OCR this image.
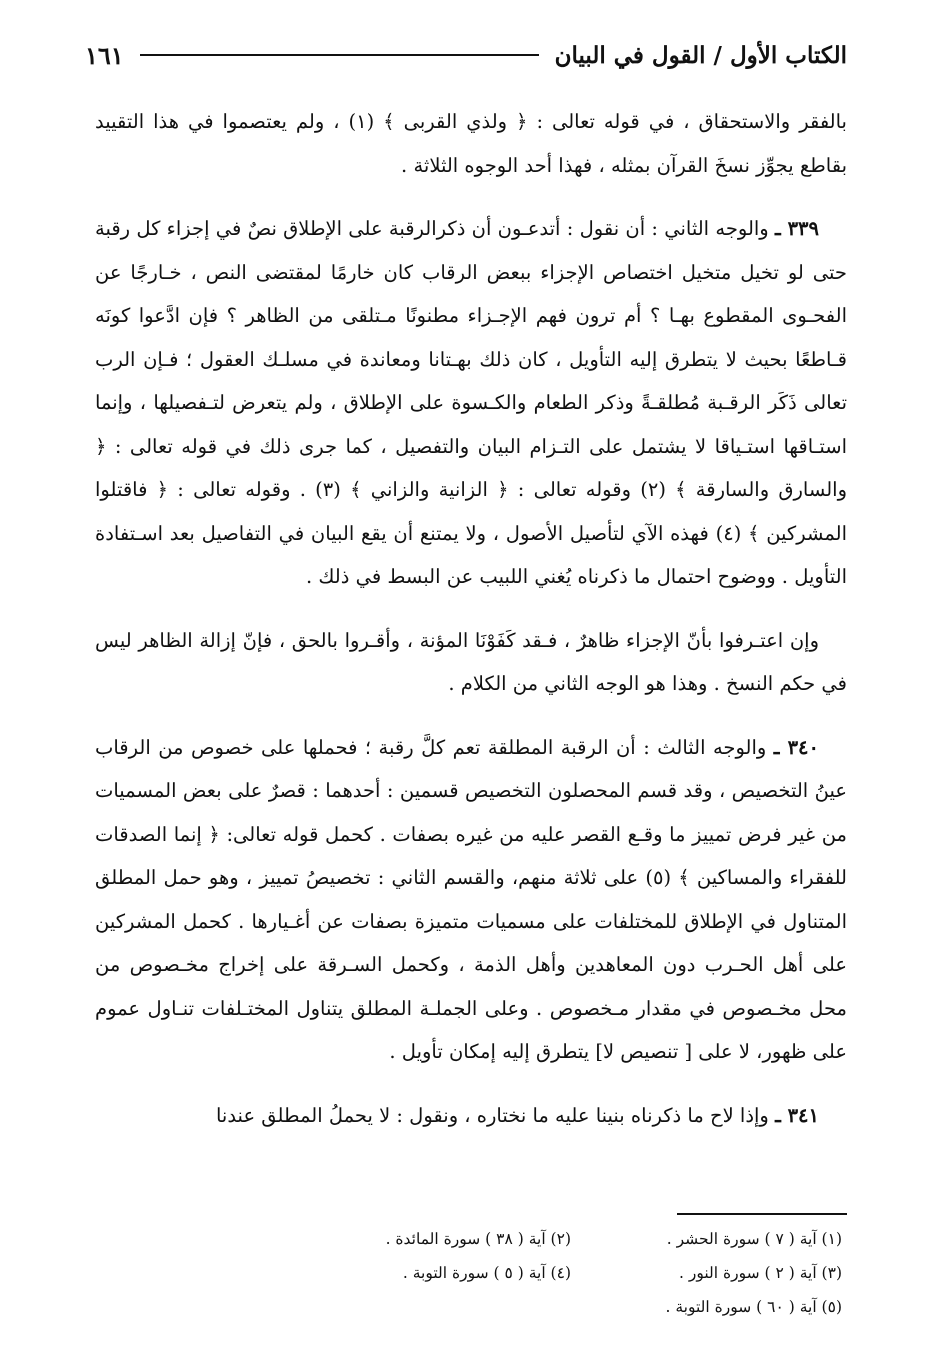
الكتاب الأول / القول في البيان
١٦١

بالفقر والاستحقاق ، في قوله تعالى : ﴿ ولذي القربى ﴾ (١) ، ولم يعتصموا في هذا التقييد بقاطع يجوِّز نسخَ القرآن بمثله ، فهذا أحد الوجوه الثلاثة .

٣٣٩ ـ والوجه الثاني : أن نقول : أتدعـون أن ذكرالرقبة على الإطلاق نصٌ في إجزاء كل رقبة حتى لو تخيل متخيل اختصاص الإجزاء ببعض الرقاب كان خارمًا لمقتضى النص ، خـارجًا عن الفحـوى المقطوع بهـا ؟ أم ترون فهم الإجـزاء مطنونًا مـتلقى من الظاهر ؟ فإن ادَّعوا كونَه قـاطعًا بحيث لا يتطرق إليه التأويل ، كان ذلك بهـتانا ومعاندة في مسلـك العقول ؛ فـإن الرب تعالى ذَكَر الرقـبة مُطلقـةً وذكر الطعام والكـسوة على الإطلاق ، ولم يتعرض لتـفصيلها ، وإنما استـاقها استـياقا لا يشتمل على التـزام البيان والتفصيل ، كما جرى ذلك في قوله تعالى : ﴿ والسارق والسارقة ﴾ (٢) وقوله تعالى : ﴿ الزانية والزاني ﴾ (٣) . وقوله تعالى : ﴿ فاقتلوا المشركين ﴾ (٤) فهذه الآي لتأصيل الأصول ، ولا يمتنع أن يقع البيان في التفاصيل بعد اسـتفادة التأويل . ووضوح احتمال ما ذكرناه يُغني اللبيب عن البسط في ذلك .

وإن اعتـرفوا بأنّ الإجزاء ظاهرٌ ، فـقد كَفَوْنَا المؤنة ، وأقـروا بالحق ، فإنّ إزالة الظاهر ليس في حكم النسخ . وهذا هو الوجه الثاني من الكلام .

٣٤٠ ـ والوجه الثالث : أن الرقبة المطلقة تعم كلَّ رقبة ؛ فحملها على خصوص من الرقاب عينُ التخصيص ، وقد قسم المحصلون التخصيص قسمين : أحدهما : قصرٌ على بعض المسميات من غير فرض تمييز ما وقـع القصر عليه من غيره بصفات . كحمل قوله تعالى: ﴿ إنما الصدقات للفقراء والمساكين ﴾ (٥) على ثلاثة منهم، والقسم الثاني : تخصيصُ تمييز ، وهو حمل المطلق المتناول في الإطلاق للمختلفات على مسميات متميزة بصفات عن أغـيارها . كحمل المشركين على أهل الحـرب دون المعاهدين وأهل الذمة ، وكحمل السـرقة على إخراج مخـصوص من محل مخـصوص في مقدار مـخصوص . وعلى الجملـة المطلق يتناول المختـلفات تنـاول عموم على ظهور، لا على [ تنصيص لا] يتطرق إليه إمكان تأويل .

٣٤١ ـ وإذا لاح ما ذكرناه بنينا عليه ما نختاره ، ونقول : لا يحملُ المطلق عندنا

(١) آية ( ٧ ) سورة الحشر .
(٢) آية ( ٣٨ ) سورة المائدة .
(٣) آية ( ٢ ) سورة النور .
(٤) آية ( ٥ ) سورة التوبة .
(٥) آية ( ٦٠ ) سورة التوبة .
